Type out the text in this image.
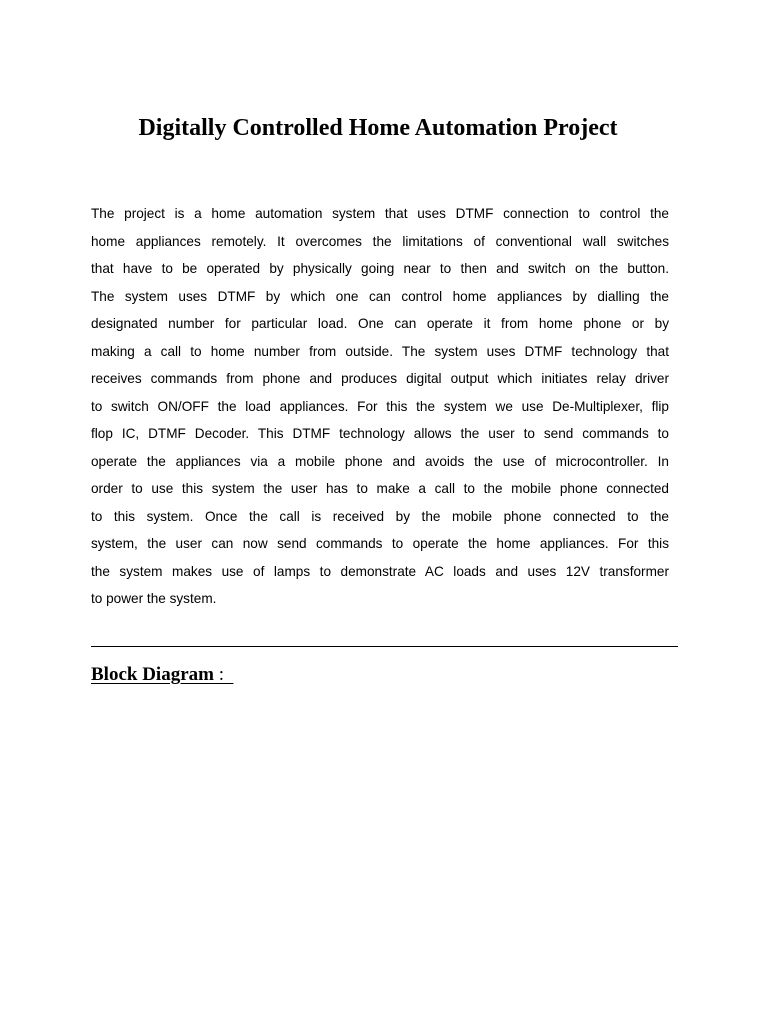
Digitally Controlled Home Automation Project
The project is a home automation system that uses DTMF connection to control the
home appliances remotely. It overcomes the limitations of conventional wall switches
that have to be operated by physically going near to then and switch on the button.
The system uses DTMF by which one can control home appliances by dialling the
designated number for particular load. One can operate it from home phone or by
making a call to home number from outside. The system uses DTMF technology that
receives commands from phone and produces digital output which initiates relay driver
to switch ON/OFF the load appliances. For this the system we use De-Multiplexer, flip
flop IC, DTMF Decoder. This DTMF technology allows the user to send commands to
operate the appliances via a mobile phone and avoids the use of microcontroller. In
order to use this system the user has to make a call to the mobile phone connected
to this system. Once the call is received by the mobile phone connected to the
system, the user can now send commands to operate the home appliances. For this
the system makes use of lamps to demonstrate AC loads and uses 12V transformer
to power the system.
Block Diagram :
